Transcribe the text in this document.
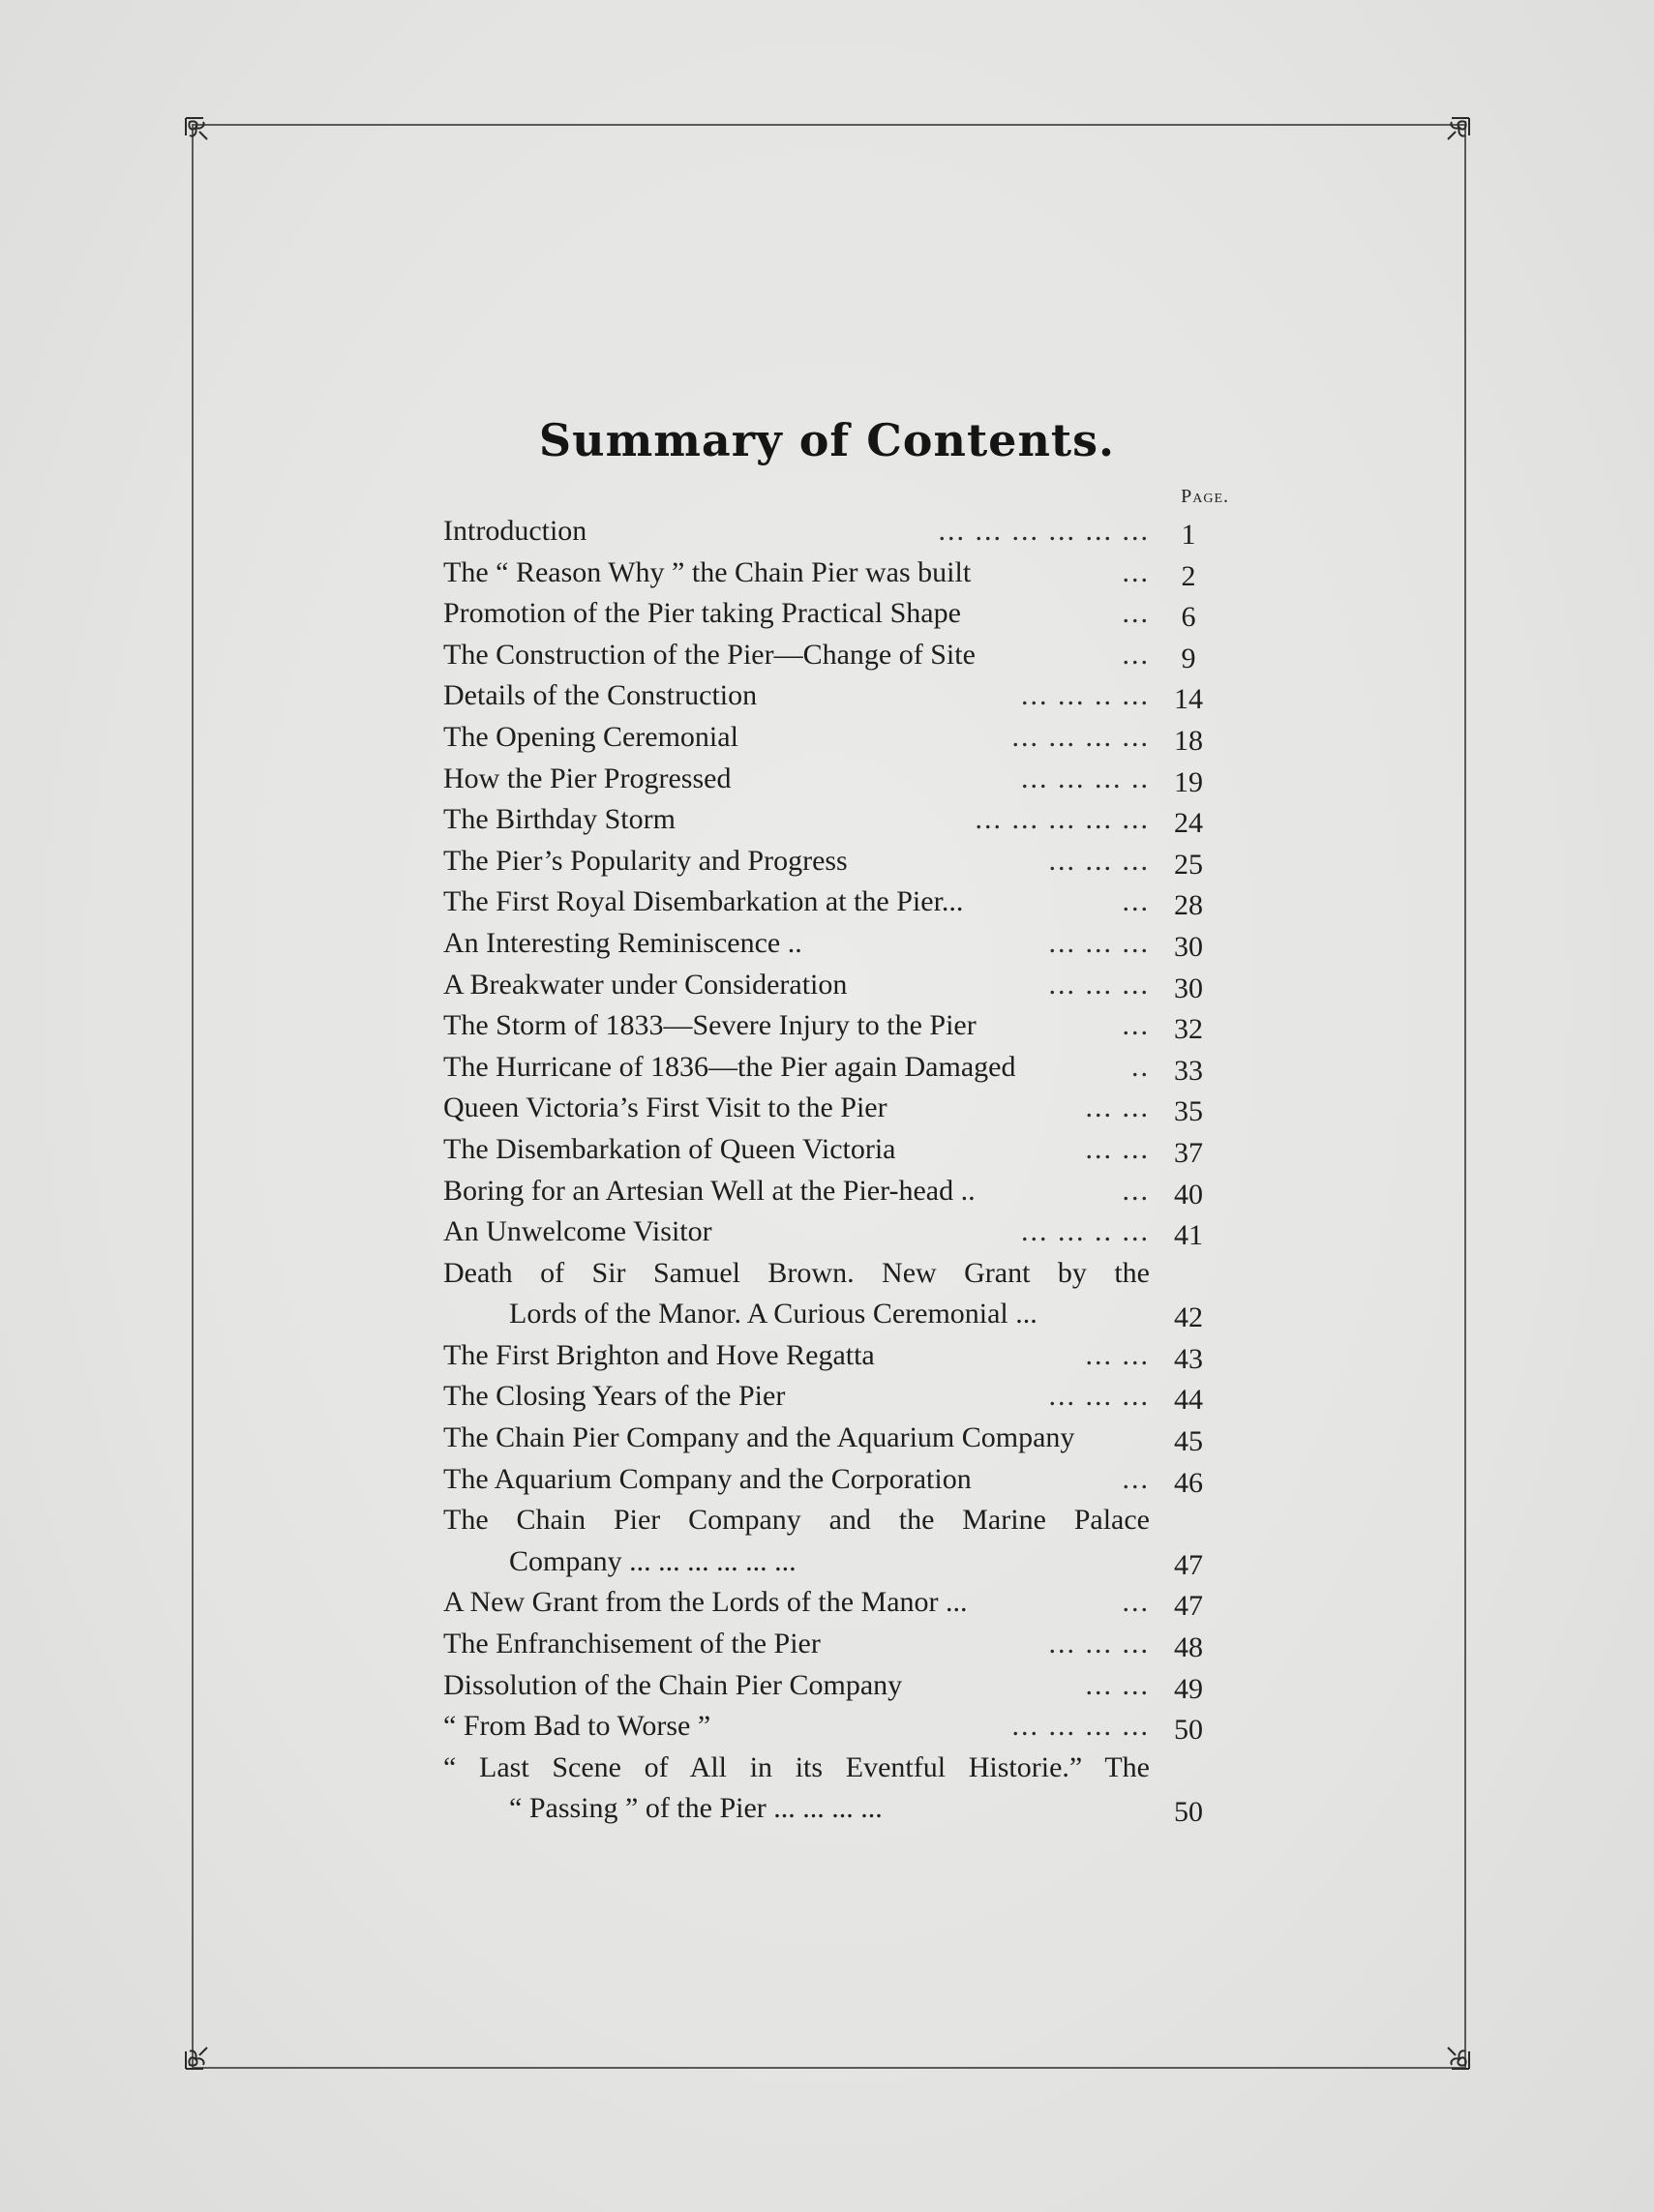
Summary of Contents.
Page.
Introduction	... ... ... ... ... ...	1
The “ Reason Why ” the Chain Pier was built	...	2
Promotion of the Pier taking Practical Shape	...	6
The Construction of the Pier—Change of Site	...	9
Details of the Construction	... ... .. ... 14
The Opening Ceremonial	... ... ... ... 18
How the Pier Progressed	... ... ... .. 19
The Birthday Storm	... ... ... ... ... 24
The Pier’s Popularity and Progress	... ... ... 25
The First Royal Disembarkation at the Pier...	... 28
An Interesting Reminiscence ..	... ... ... 30
A Breakwater under Consideration	... ... ... 30
The Storm of 1833—Severe Injury to the Pier	... 32
The Hurricane of 1836—the Pier again Damaged	.. 33
Queen Victoria’s First Visit to the Pier	... ... 35
The Disembarkation of Queen Victoria	... ... 37
Boring for an Artesian Well at the Pier-head ..	... 40
An Unwelcome Visitor	... ... .. ... 41
Death of Sir Samuel Brown. New Grant by the
Lords of the Manor. A Curious Ceremonial ...	42
The First Brighton and Hove Regatta	... ... 43
The Closing Years of the Pier	... ... ... 44
The Chain Pier Company and the Aquarium Company	45
The Aquarium Company and the Corporation	... 46
The Chain Pier Company and the Marine Palace
Company ... ... ... ... ... ...	47
A New Grant from the Lords of the Manor ...	... 47
The Enfranchisement of the Pier	... ... ... 48
Dissolution of the Chain Pier Company	... ... 49
“ From Bad to Worse ”	... ... ... ... 50
“ Last Scene of All in its Eventful Historie.” The
“ Passing ” of the Pier ... ... ... ...	50
